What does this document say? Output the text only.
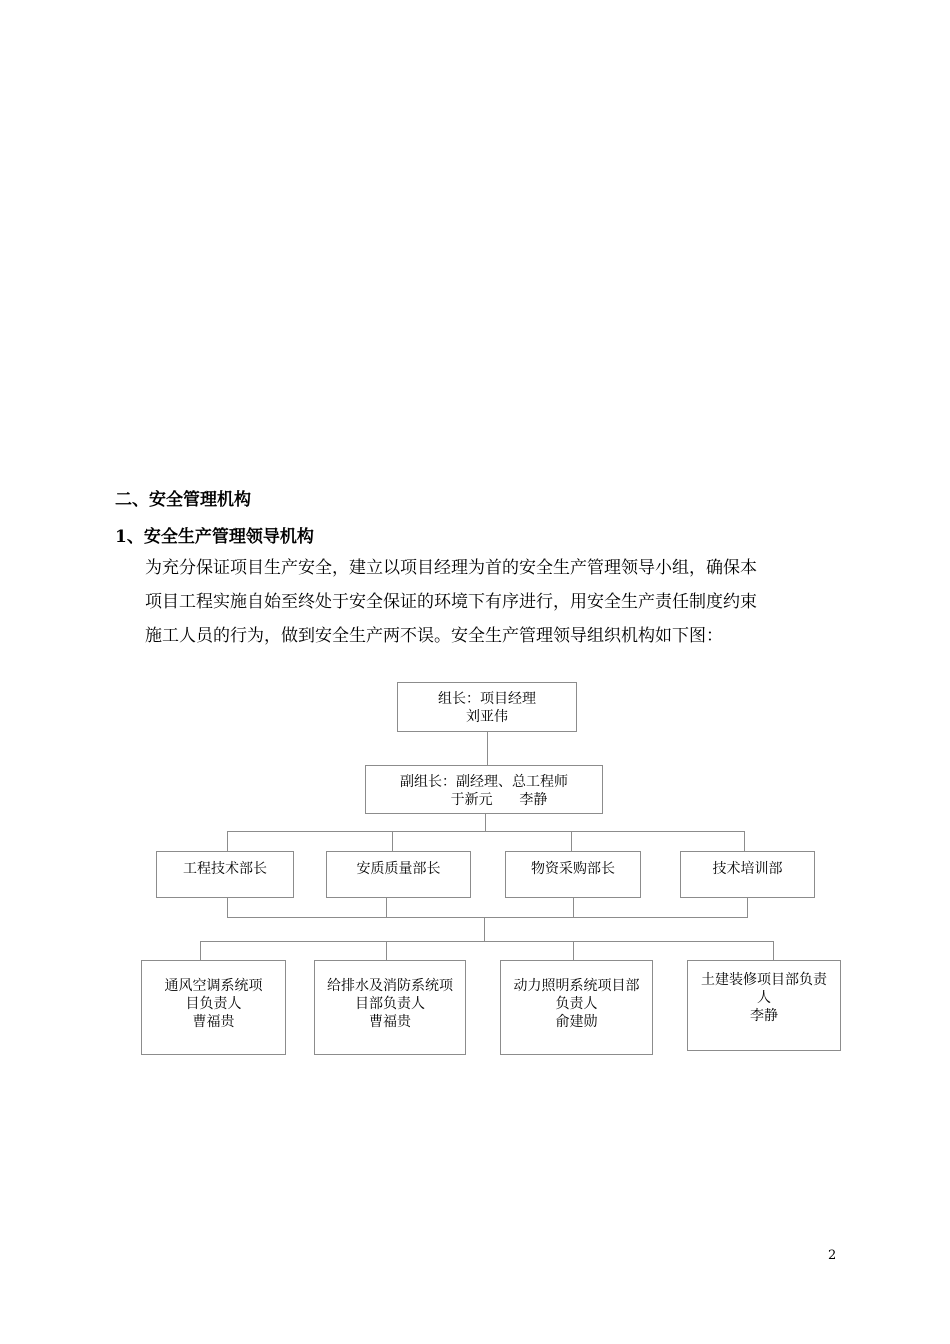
二、安全管理机构
1、安全生产管理领导机构
为充分保证项目生产安全，建立以项目经理为首的安全生产管理领导小组，确保本
项目工程实施自始至终处于安全保证的环境下有序进行，用安全生产责任制度约束
施工人员的行为，做到安全生产两不误。安全生产管理领导组织机构如下图：
组长：项目经理
刘亚伟
副组长：副经理、总工程师
于新元      李静
工程技术部长	安质质量部长	物资采购部长	技术培训部
通风空调系统项
目负责人
曹福贵
给排水及消防系统项
目部负责人
曹福贵
动力照明系统项目部
负责人
俞建勋
土建装修项目部负责
人
李静
2
